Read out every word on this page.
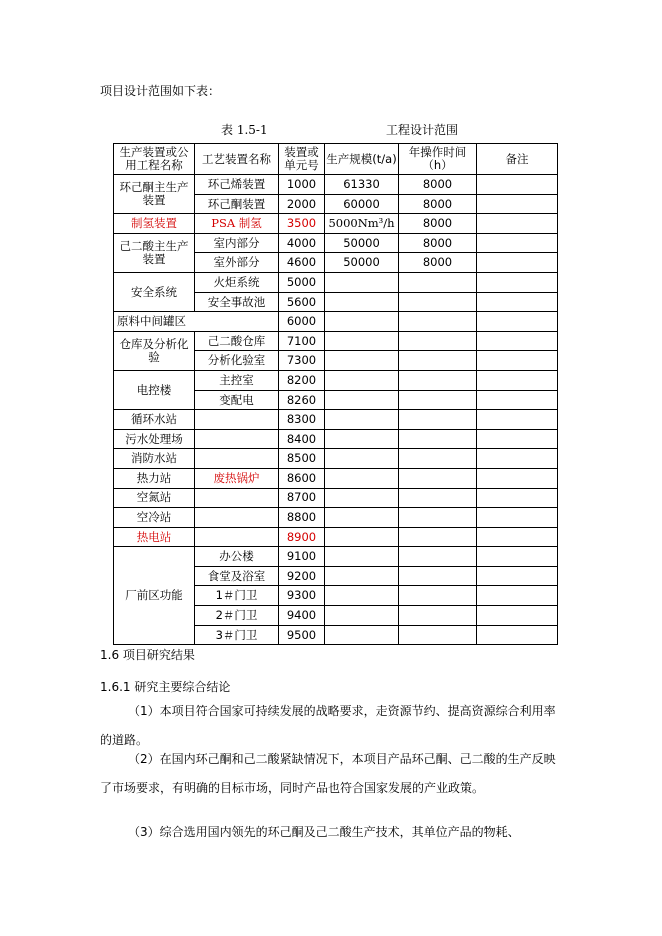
项目设计范围如下表：
表 1.5-1	工程设计范围
生产装置或公用工程名称	工艺装置名称	装置或单元号	生产规模(t/a)	年操作时间（h）	备注
环己酮主生产装置	环己烯装置	1000	61330	8000	
	环己酮装置	2000	60000	8000	
制氢装置	PSA 制氢	3500	5000Nm³/h	8000	
己二酸主生产装置	室内部分	4000	50000	8000	
	室外部分	4600	50000	8000	
安全系统	火炬系统	5000			
	安全事故池	5600			
原料中间罐区		6000			
仓库及分析化验	己二酸仓库	7100			
	分析化验室	7300			
电控楼	主控室	8200			
	变配电	8260			
循环水站		8300			
污水处理场		8400			
消防水站		8500			
热力站	废热锅炉	8600			
空氮站		8700			
空冷站		8800			
热电站		8900			
厂前区功能	办公楼	9100			
	食堂及浴室	9200			
	1＃门卫	9300			
	2＃门卫	9400			
	3＃门卫	9500			
1.6 项目研究结果
1.6.1 研究主要综合结论
（1）本项目符合国家可持续发展的战略要求，走资源节约、提高资源综合利用率的道路。
（2）在国内环己酮和己二酸紧缺情况下，本项目产品环己酮、己二酸的生产反映了市场要求，有明确的目标市场，同时产品也符合国家发展的产业政策。
（3）综合选用国内领先的环己酮及己二酸生产技术，其单位产品的物耗、
